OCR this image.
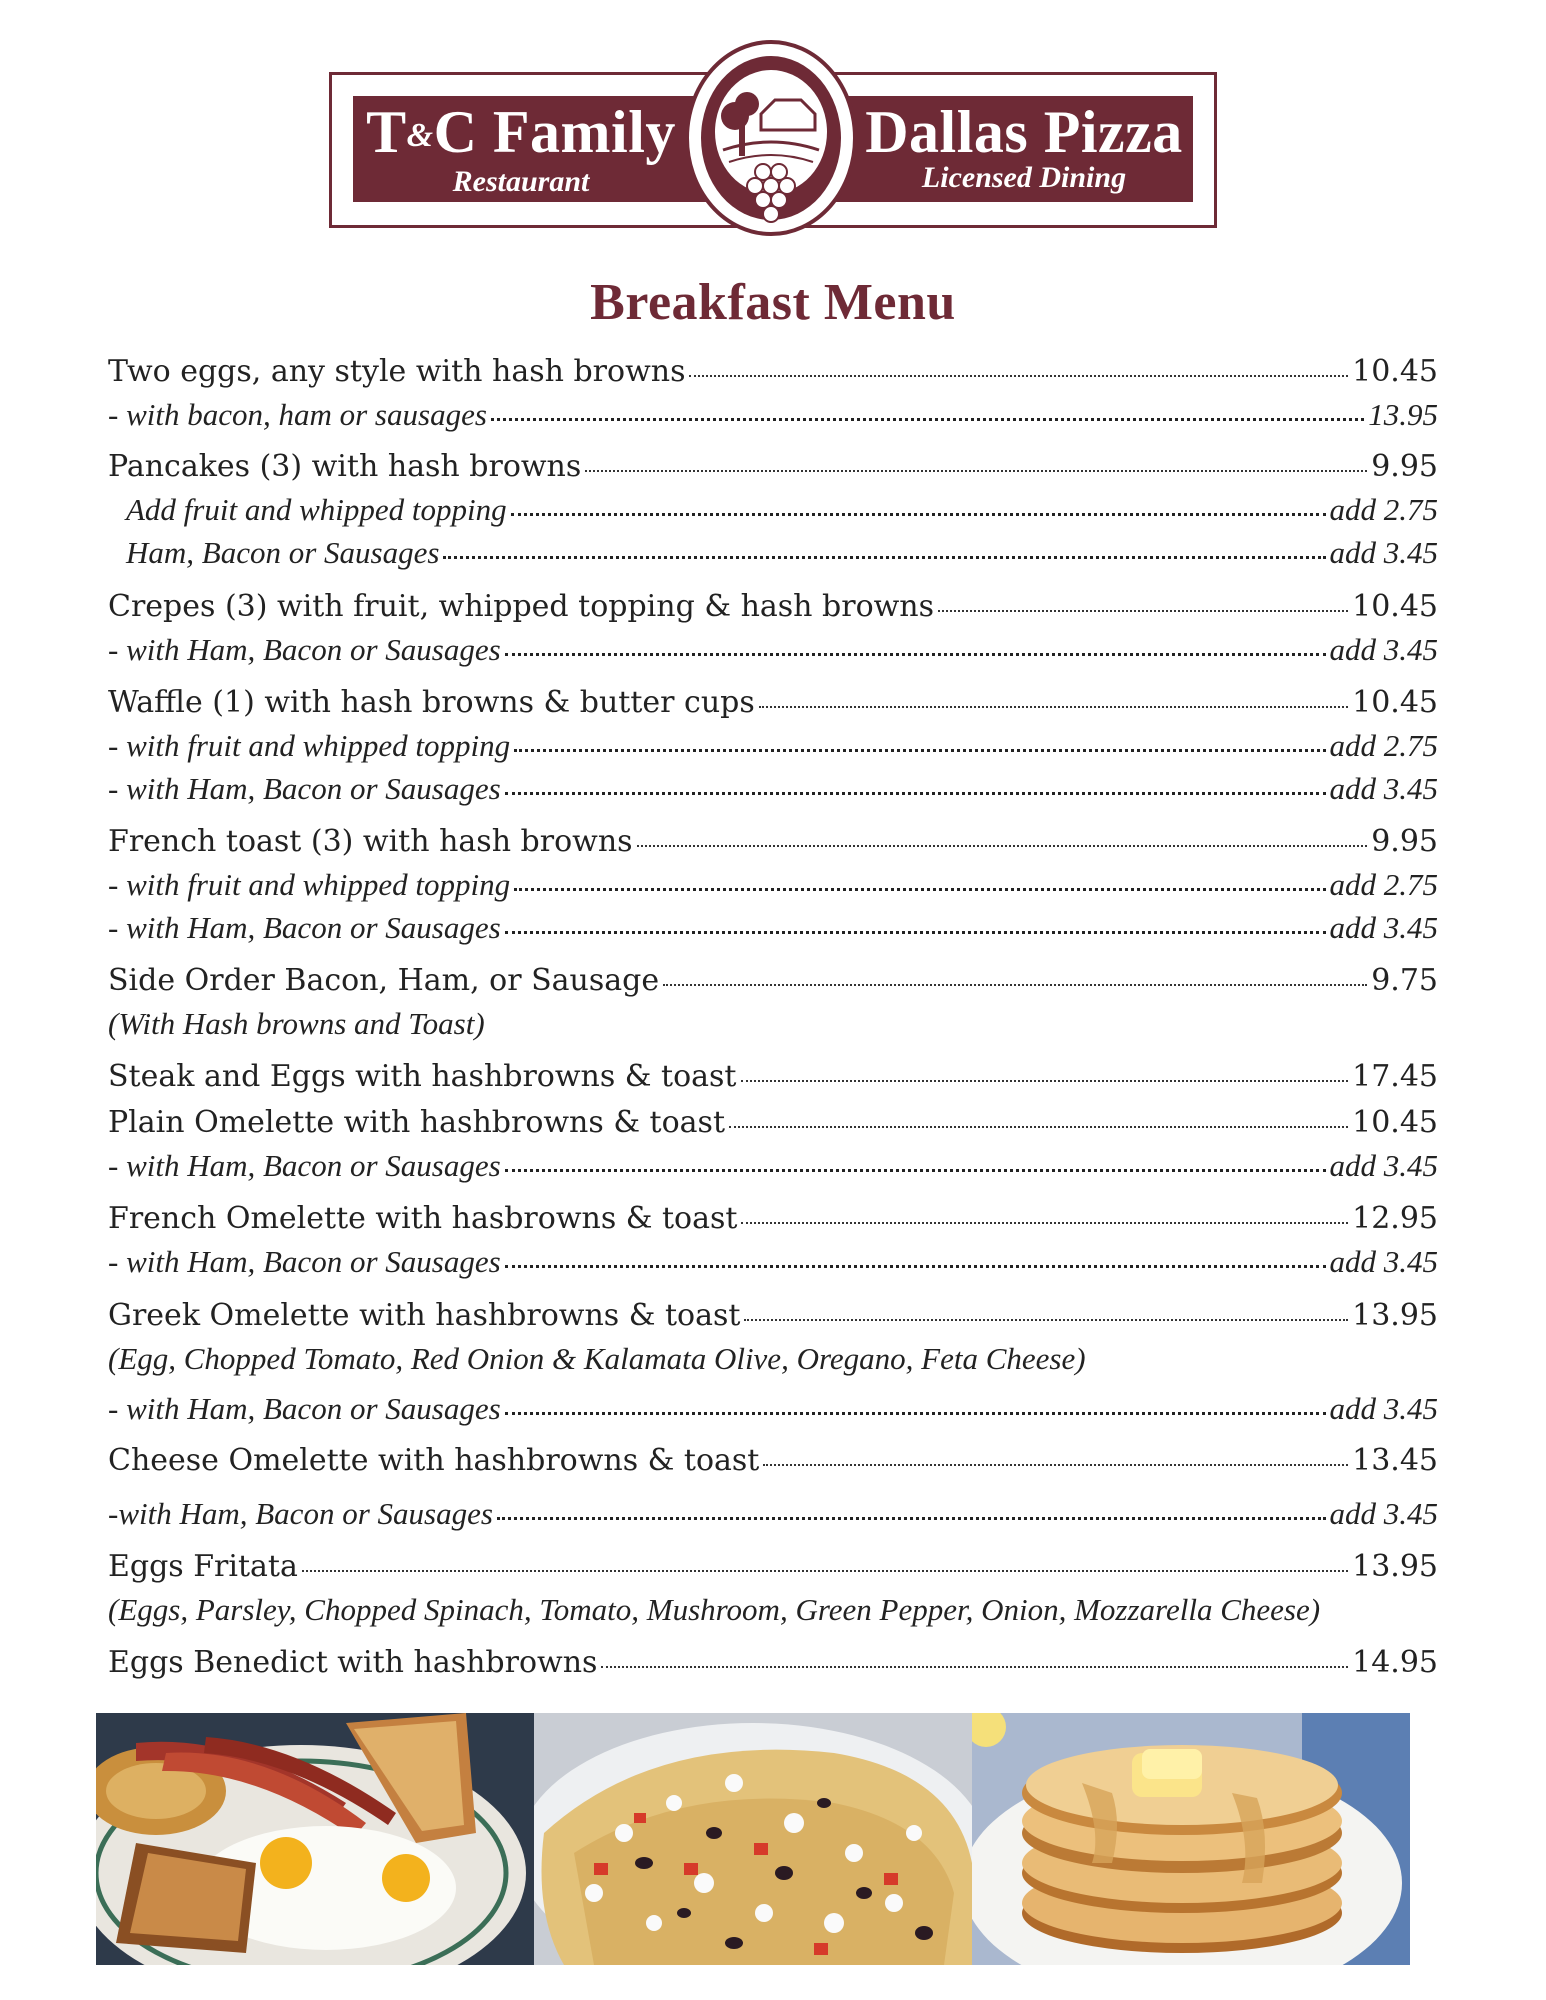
T&C Family
Restaurant
Dallas Pizza
Licensed Dining
Breakfast Menu
Two eggs, any style with hash browns	10.45
- with bacon, ham or sausages	13.95
Pancakes (3) with hash browns	9.95
Add fruit and whipped topping	add 2.75
Ham, Bacon or Sausages	add 3.45
Crepes (3) with fruit, whipped topping & hash browns	10.45
- with Ham, Bacon or Sausages	add 3.45
Waffle (1) with hash browns & butter cups	10.45
- with fruit and whipped topping	add 2.75
- with Ham, Bacon or Sausages	add 3.45
French toast (3) with hash browns	9.95
- with fruit and whipped topping	add 2.75
- with Ham, Bacon or Sausages	add 3.45
Side Order Bacon, Ham, or Sausage	9.75
(With Hash browns and Toast)
Steak and Eggs with hashbrowns & toast	17.45
Plain Omelette with hashbrowns & toast	10.45
- with Ham, Bacon or Sausages	add 3.45
French Omelette with hasbrowns & toast	12.95
- with Ham, Bacon or Sausages	add 3.45
Greek Omelette with hashbrowns & toast	13.95
(Egg, Chopped Tomato, Red Onion & Kalamata Olive, Oregano, Feta Cheese)
- with Ham, Bacon or Sausages	add 3.45
Cheese Omelette with hashbrowns & toast	13.45
-with Ham, Bacon or Sausages	add 3.45
Eggs Fritata	13.95
(Eggs, Parsley, Chopped Spinach, Tomato, Mushroom, Green Pepper, Onion, Mozzarella Cheese)
Eggs Benedict with hashbrowns	14.95
